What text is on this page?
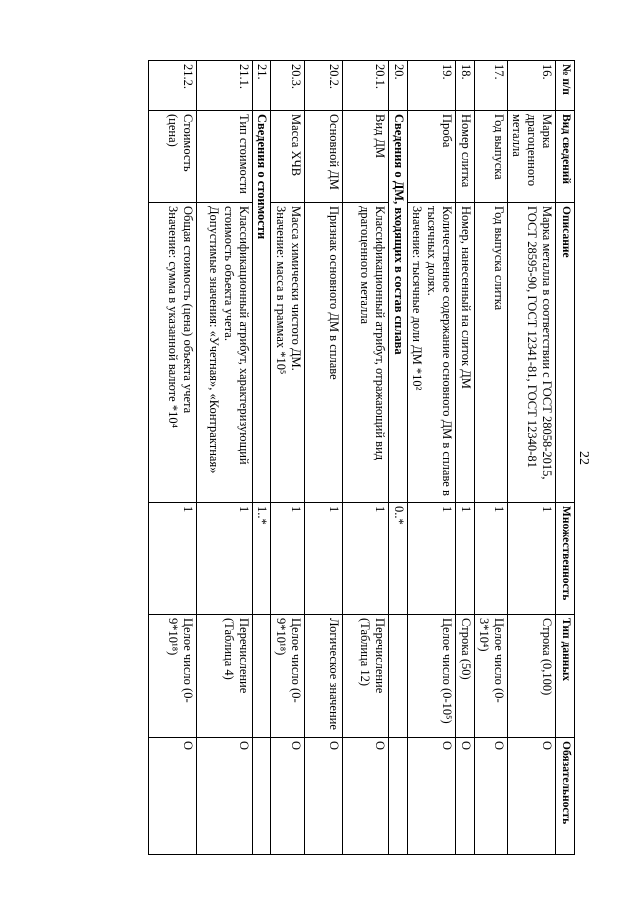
22
№ п/п	Вид сведений	Описание	Множественность	Тип данных	Обязательность
16.	Марка драгоценного металла	Марка металла в соответствии с ГОСТ 28058-2015, ГОСТ 28595-90, ГОСТ 12341-81, ГОСТ 12340-81	1	Строка (0,100)	О
17.	Год выпуска	Год выпуска слитка	1	Целое число (0-3*10⁴)	О
18.	Номер слитка	Номер, нанесенный на слиток ДМ	1	Строка (50)	О
19.	Проба	Количественное содержание основного ДМ в сплаве в тысячных долях.
Значение: тысячные доли ДМ *10²	1	Целое число (0-10⁵)	О
20.	Сведения о ДМ, входящих в состав сплава		0..*		
20.1.	Вид ДМ	Классификационный атрибут, отражающий вид драгоценного металла	1	Перечисление (Таблица 12)	О
20.2.	Основной ДМ	Признак основного ДМ в сплаве	1	Логическое значение	О
20.3.	Масса ХЧВ	Масса химически чистого ДМ.
Значение: масса в граммах *10⁵	1	Целое число (0-9*10¹⁸)	О
21.	Сведения о стоимости		1..*		
21.1.	Тип стоимости	Классификационный атрибут, характеризующий стоимость объекта учета.
Допустимые значения: «Учетная», «Контрактная»	1	Перечисление (Таблица 4)	О
21.2.	Стоимость (цена)	Общая стоимость (цена) объекта учета
Значение: сумма в указанной валюте *10⁴	1	Целое число (0-9*10¹⁸)	О
